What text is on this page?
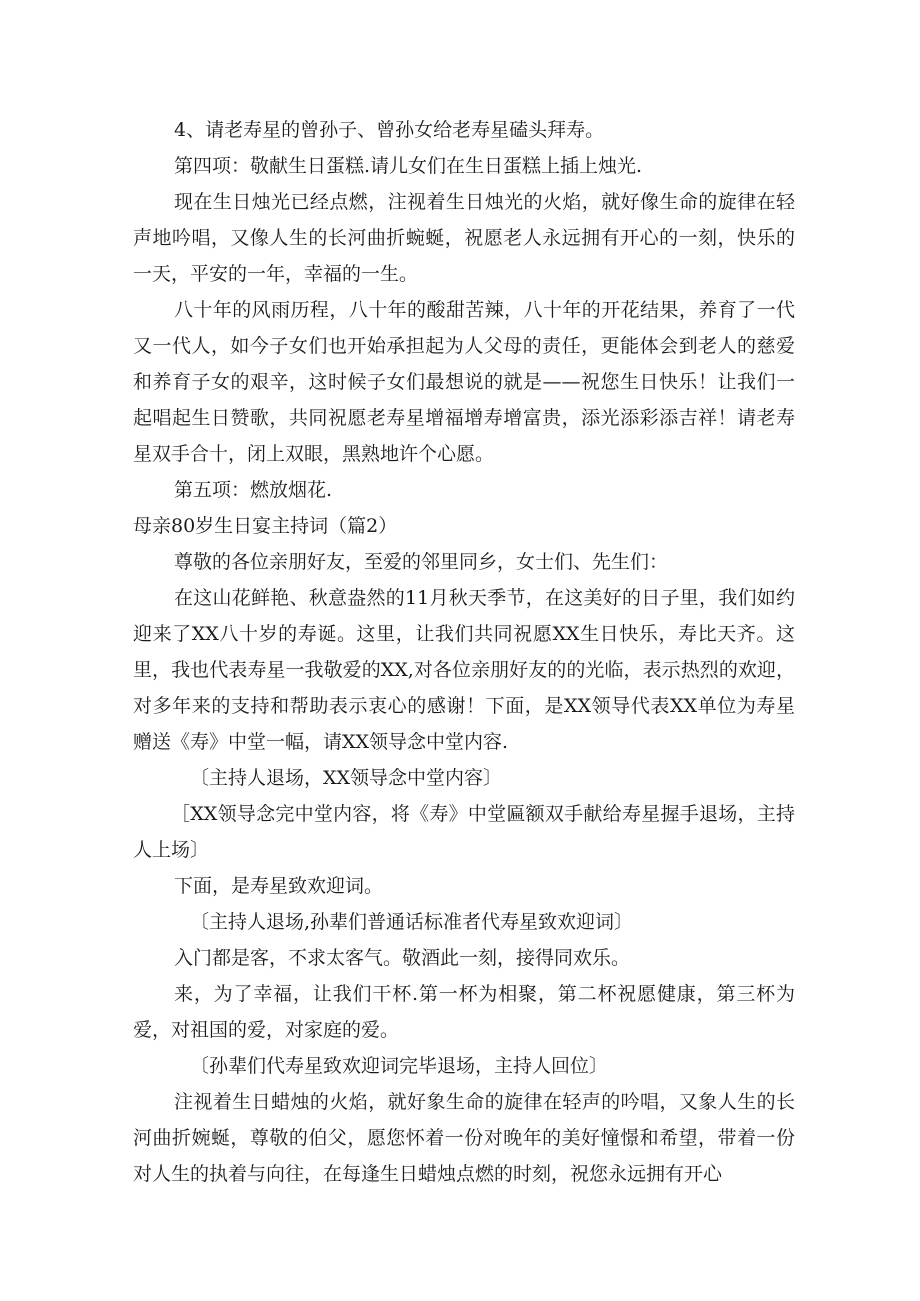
4、请老寿星的曾孙子、曾孙女给老寿星磕头拜寿。

第四项：敬献生日蛋糕.请儿女们在生日蛋糕上插上烛光.

现在生日烛光已经点燃，注视着生日烛光的火焰，就好像生命的旋律在轻声地吟唱，又像人生的长河曲折蜿蜒，祝愿老人永远拥有开心的一刻，快乐的一天，平安的一年，幸福的一生。

八十年的风雨历程，八十年的酸甜苦辣，八十年的开花结果，养育了一代又一代人，如今子女们也开始承担起为人父母的责任，更能体会到老人的慈爱和养育子女的艰辛，这时候子女们最想说的就是——祝您生日快乐！让我们一起唱起生日赞歌，共同祝愿老寿星增福增寿增富贵，添光添彩添吉祥！请老寿星双手合十，闭上双眼，黑熟地许个心愿。

第五项：燃放烟花.

母亲80岁生日宴主持词（篇2）

尊敬的各位亲朋好友，至爱的邻里同乡，女士们、先生们：

在这山花鲜艳、秋意盎然的11月秋天季节，在这美好的日子里，我们如约迎来了XX八十岁的寿诞。这里，让我们共同祝愿XX生日快乐，寿比天齐。这里，我也代表寿星一我敬爱的XX,对各位亲朋好友的的光临，表示热烈的欢迎，对多年来的支持和帮助表示衷心的感谢！下面，是XX领导代表XX单位为寿星赠送《寿》中堂一幅，请XX领导念中堂内容.

〔主持人退场，XX领导念中堂内容〕

［XX领导念完中堂内容，将《寿》中堂匾额双手献给寿星握手退场，主持人上场〕

下面，是寿星致欢迎词。

〔主持人退场,孙辈们普通话标准者代寿星致欢迎词〕

入门都是客，不求太客气。敬酒此一刻，接得同欢乐。

来，为了幸福，让我们干杯.第一杯为相聚，第二杯祝愿健康，第三杯为爱，对祖国的爱，对家庭的爱。

〔孙辈们代寿星致欢迎词完毕退场，主持人回位〕

注视着生日蜡烛的火焰，就好象生命的旋律在轻声的吟唱，又象人生的长河曲折婉蜒，尊敬的伯父，愿您怀着一份对晚年的美好憧憬和希望，带着一份对人生的执着与向往，在每逢生日蜡烛点燃的时刻，祝您永远拥有开心
